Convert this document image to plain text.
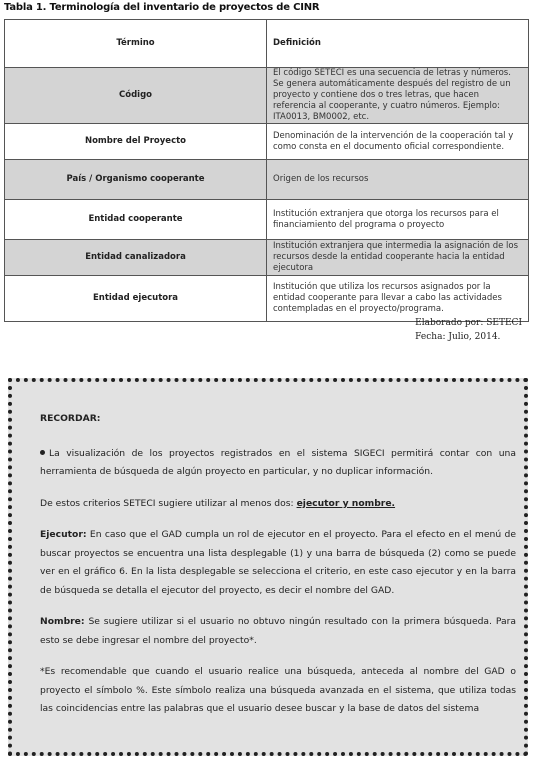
Tabla 1. Terminología del inventario de proyectos de CINR
Término	Definición
Código	El código SETECI es una secuencia de letras y números. Se genera automáticamente después del registro de un proyecto y contiene dos o tres letras, que hacen referencia al cooperante, y cuatro números. Ejemplo: ITA0013, BM0002, etc.
Nombre del Proyecto	Denominación de la intervención de la cooperación tal y como consta en el documento oficial correspondiente.
País / Organismo cooperante	Origen de los recursos
Entidad cooperante	Institución extranjera que otorga los recursos para el financiamiento del programa o proyecto
Entidad canalizadora	Institución extranjera que intermedia la asignación de los recursos desde la entidad cooperante hacia la entidad ejecutora
Entidad ejecutora	Institución que utiliza los recursos asignados por la entidad cooperante para llevar a cabo las actividades contempladas en el proyecto/programa.
Elaborado por: SETECI
Fecha: Julio, 2014.

RECORDAR:

La visualización de los proyectos registrados en el sistema SIGECI permitirá contar con una herramienta de búsqueda de algún proyecto en particular, y no duplicar información.

De estos criterios SETECI sugiere utilizar al menos dos: ejecutor y nombre.

Ejecutor: En caso que el GAD cumpla un rol de ejecutor en el proyecto. Para el efecto en el menú de buscar proyectos se encuentra una lista desplegable (1) y una barra de búsqueda (2) como se puede ver en el gráfico 6. En la lista desplegable se selecciona el criterio, en este caso ejecutor y en la barra de búsqueda se detalla el ejecutor del proyecto, es decir el nombre del GAD.

Nombre: Se sugiere utilizar si el usuario no obtuvo ningún resultado con la primera búsqueda. Para esto se debe ingresar el nombre del proyecto*.

*Es recomendable que cuando el usuario realice una búsqueda, anteceda al nombre del GAD o proyecto el símbolo %. Este símbolo realiza una búsqueda avanzada en el sistema, que utiliza todas las coincidencias entre las palabras que el usuario desee buscar y la base de datos del sistema
